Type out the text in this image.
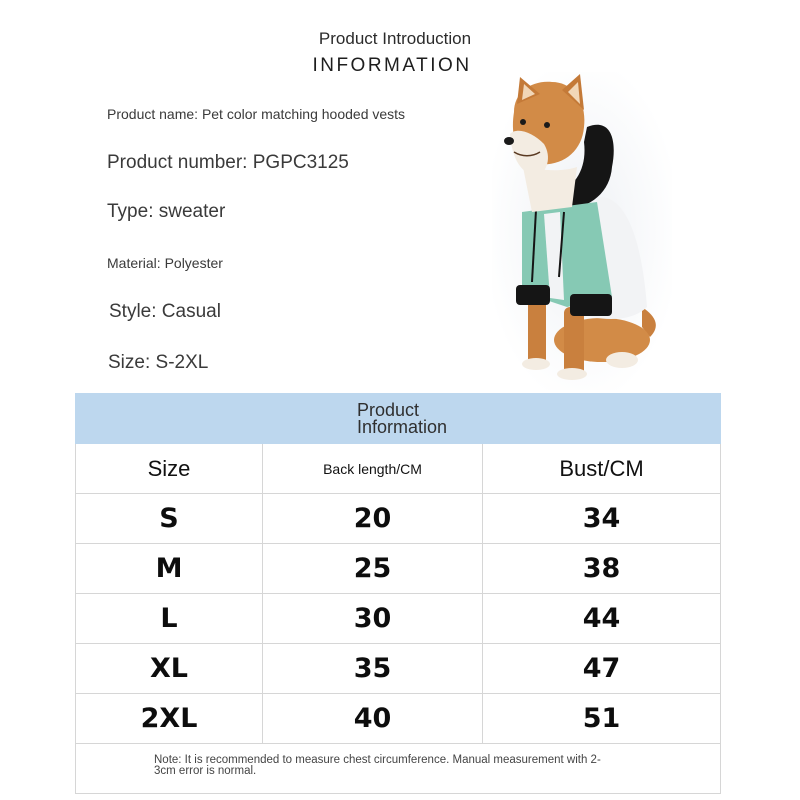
Product Introduction
INFORMATION
Product name: Pet color matching hooded vests
Product number: PGPC3125
Type: sweater
Material: Polyester
Style: Casual
Size: S-2XL
Product
Information		
Size	Back length/CM	Bust/CM
S	20	34
M	25	38
L	30	44
XL	35	47
2XL	40	51
Note: It is recommended to measure chest circumference. Manual measurement with 2-3cm error is normal.		
